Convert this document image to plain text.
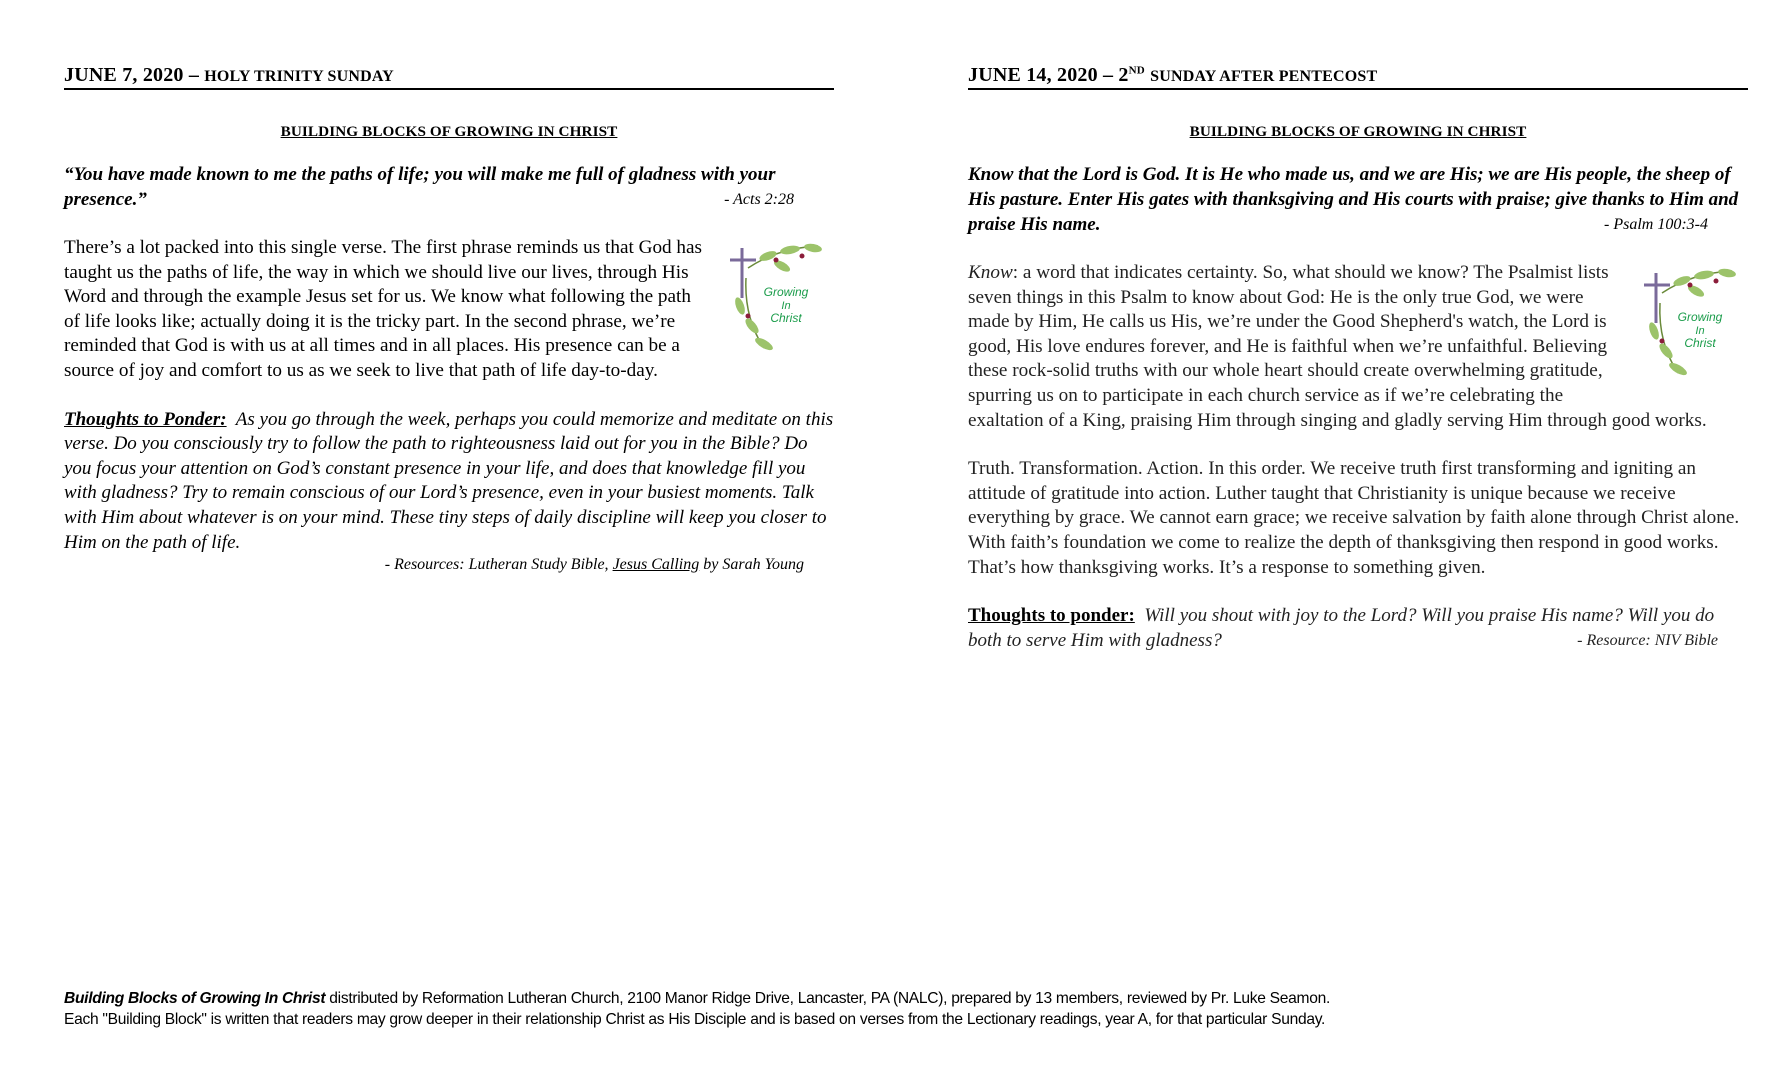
JUNE 7, 2020 – HOLY TRINITY SUNDAY
BUILDING BLOCKS OF GROWING IN CHRIST
“You have made known to me the paths of life; you will make me full of gladness with your presence.”	- Acts 2:28
Growing
In
Christ

There’s a lot packed into this single verse. The first phrase reminds us that God has taught us the paths of life, the way in which we should live our lives, through His Word and through the example Jesus set for us. We know what following the path of life looks like; actually doing it is the tricky part. In the second phrase, we’re reminded that God is with us at all times and in all places. His presence can be a source of joy and comfort to us as we seek to live that path of life day-to-day.

Thoughts to Ponder: As you go through the week, perhaps you could memorize and meditate on this verse. Do you consciously try to follow the path to righteousness laid out for you in the Bible? Do you focus your attention on God’s constant presence in your life, and does that knowledge fill you with gladness? Try to remain conscious of our Lord’s presence, even in your busiest moments. Talk with Him about whatever is on your mind. These tiny steps of daily discipline will keep you closer to Him on the path of life.
- Resources: Lutheran Study Bible, Jesus Calling by Sarah Young
JUNE 14, 2020 – 2ND SUNDAY AFTER PENTECOST
BUILDING BLOCKS OF GROWING IN CHRIST
Know that the Lord is God. It is He who made us, and we are His; we are His people, the sheep of His pasture. Enter His gates with thanksgiving and His courts with praise; give thanks to Him and praise His name.	- Psalm 100:3-4
Growing
In
Christ

Know: a word that indicates certainty. So, what should we know? The Psalmist lists seven things in this Psalm to know about God: He is the only true God, we were made by Him, He calls us His, we’re under the Good Shepherd's watch, the Lord is good, His love endures forever, and He is faithful when we’re unfaithful. Believing these rock-solid truths with our whole heart should create overwhelming gratitude, spurring us on to participate in each church service as if we’re celebrating the exaltation of a King, praising Him through singing and gladly serving Him through good works.

Truth. Transformation. Action. In this order. We receive truth first transforming and igniting an attitude of gratitude into action. Luther taught that Christianity is unique because we receive everything by grace. We cannot earn grace; we receive salvation by faith alone through Christ alone. With faith’s foundation we come to realize the depth of thanksgiving then respond in good works. That’s how thanksgiving works. It’s a response to something given.

Thoughts to ponder: Will you shout with joy to the Lord? Will you praise His name? Will you do both to serve Him with gladness?	- Resource: NIV Bible
Building Blocks of Growing In Christ distributed by Reformation Lutheran Church, 2100 Manor Ridge Drive, Lancaster, PA (NALC), prepared by 13 members, reviewed by Pr. Luke Seamon.
Each "Building Block" is written that readers may grow deeper in their relationship Christ as His Disciple and is based on verses from the Lectionary readings, year A, for that particular Sunday.
